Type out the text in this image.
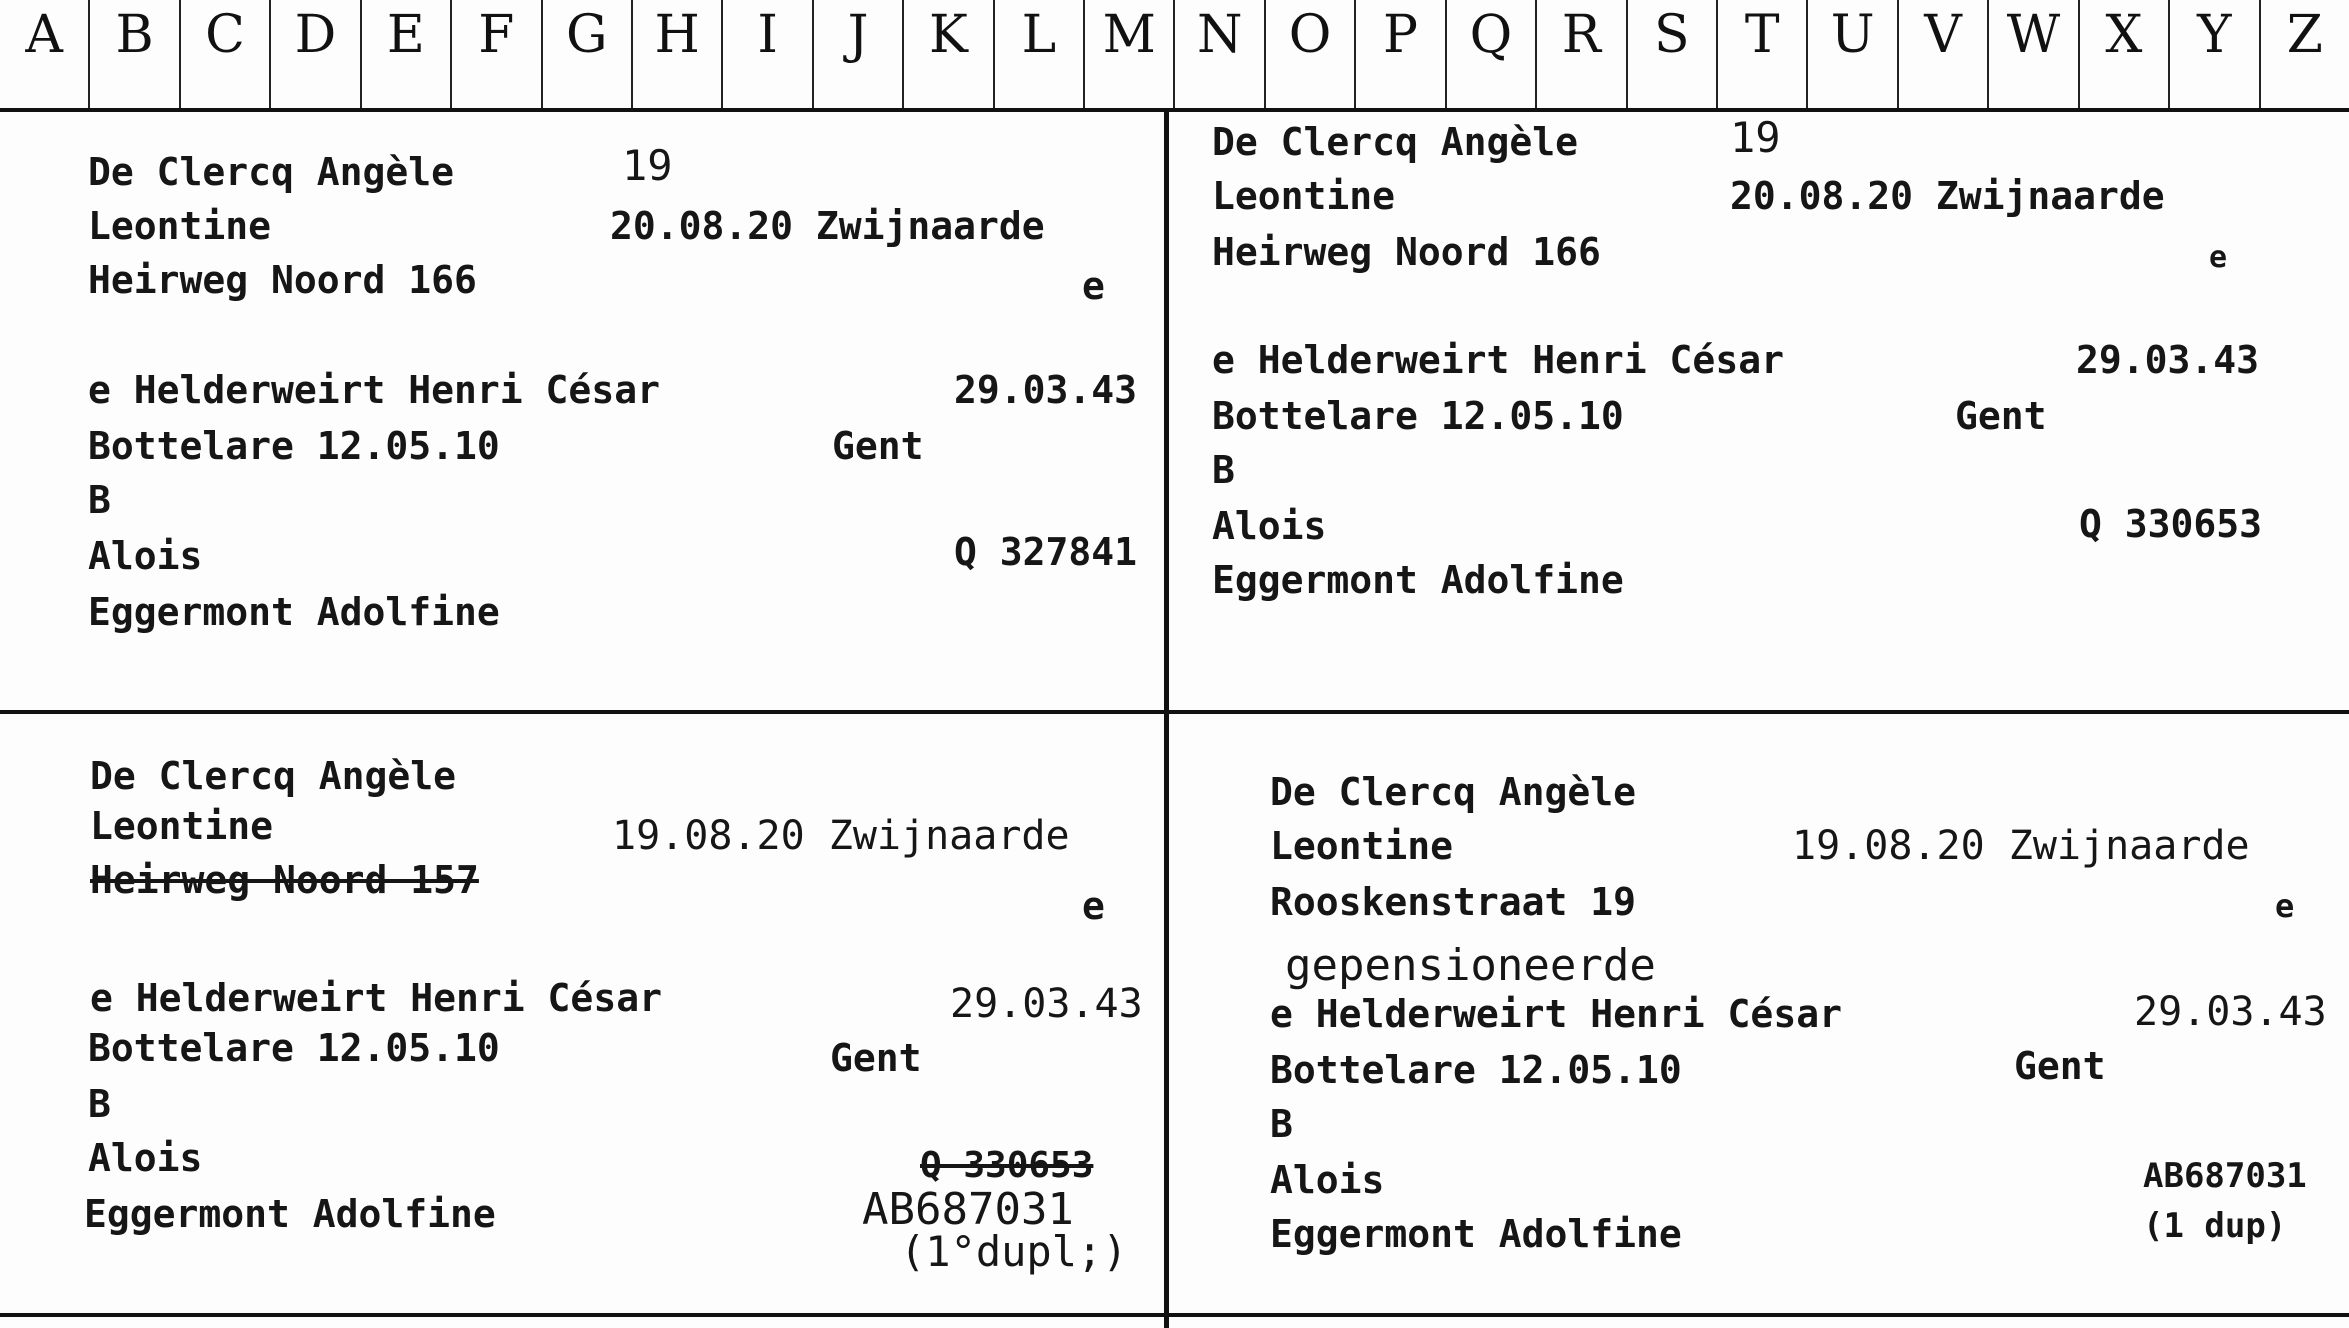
A	B C D E	F G H	I	J	K	L M N O P Q R	S	T U V W X	Y	Z
De Clercq Angèle	19
Leontine	20.08.20 Zwijnaarde
Heirweg Noord 166	e
e Helderweirt Henri César	29.03.43
Bottelare 12.05.10	Gent
B
Alois	Q 327841
Eggermont Adolfine
De Clercq Angèle	19
Leontine	20.08.20 Zwijnaarde
Heirweg Noord 166	e
e Helderweirt Henri César	29.03.43
Bottelare 12.05.10	Gent
B
Alois	Q 330653
Eggermont Adolfine
De Clercq Angèle
Leontine	19.08.20 Zwijnaarde
Heirweg Noord 157
e
e Helderweirt Henri César	29.03.43
Bottelare 12.05.10	Gent
B
Alois	Q 330653
Eggermont Adolfine	AB687031
(1°dupl;)
De Clercq Angèle
Leontine	19.08.20 Zwijnaarde
Rooskenstraat 19	e
gepensioneerde
e Helderweirt Henri César	29.03.43
Bottelare 12.05.10	Gent
B
Alois	AB687031
Eggermont Adolfine	(1 dup)
